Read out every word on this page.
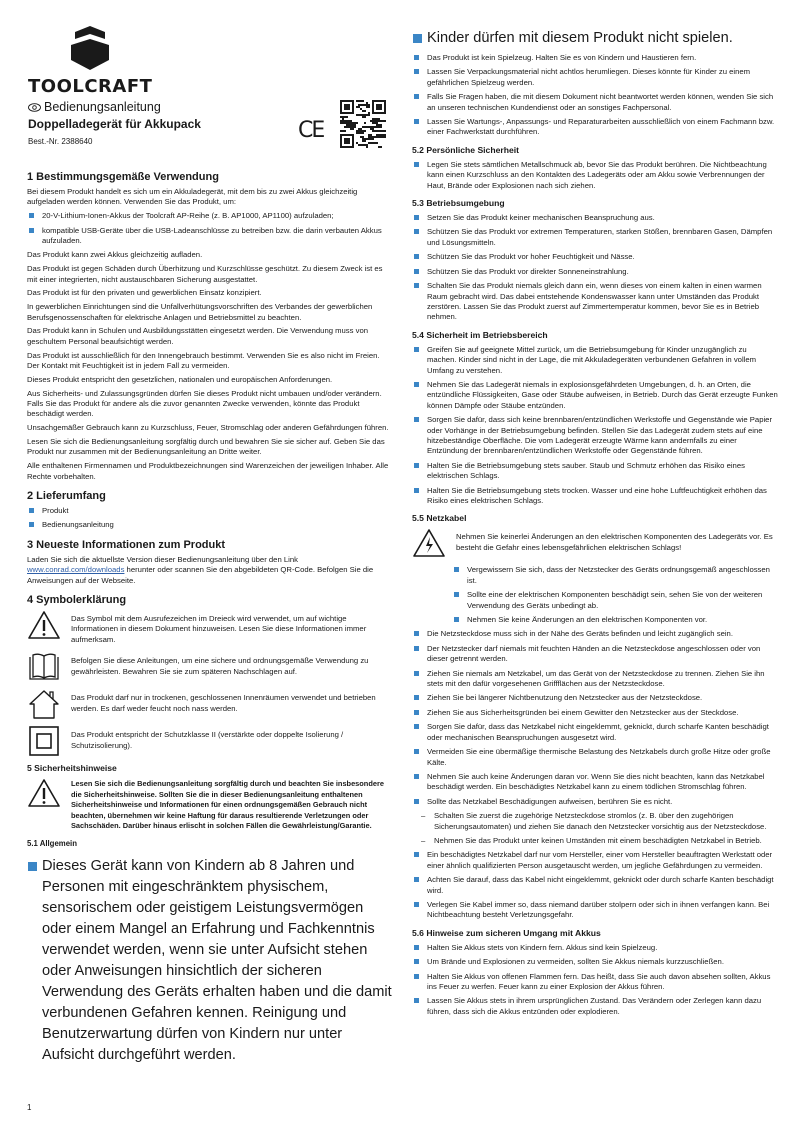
TOOLCRAFT
Bedienungsanleitung
Doppelladegerät für Akkupack
Best.-Nr. 2388640	CE
1 Bestimmungsgemäße Verwendung

Bei diesem Produkt handelt es sich um ein Akkuladegerät, mit dem bis zu zwei Akkus gleichzeitig aufgeladen werden können. Verwenden Sie das Produkt, um:

20-V-Lithium-Ionen-Akkus der Toolcraft AP-Reihe (z. B. AP1000, AP1100) aufzuladen;
kompatible USB-Geräte über die USB-Ladeanschlüsse zu betreiben bzw. die darin verbauten Akkus aufzuladen.

Das Produkt kann zwei Akkus gleichzeitig aufladen.

Das Produkt ist gegen Schäden durch Überhitzung und Kurzschlüsse geschützt. Zu diesem Zweck ist es mit einer integrierten, nicht austauschbaren Sicherung ausgestattet.

Das Produkt ist für den privaten und gewerblichen Einsatz konzipiert.

In gewerblichen Einrichtungen sind die Unfallverhütungsvorschriften des Verbandes der gewerblichen Berufsgenossenschaften für elektrische Anlagen und Betriebsmittel zu beachten.

Das Produkt kann in Schulen und Ausbildungsstätten eingesetzt werden. Die Verwendung muss von geschultem Personal beaufsichtigt werden.

Das Produkt ist ausschließlich für den Innengebrauch bestimmt. Verwenden Sie es also nicht im Freien. Der Kontakt mit Feuchtigkeit ist in jedem Fall zu vermeiden.

Dieses Produkt entspricht den gesetzlichen, nationalen und europäischen Anforderungen.

Aus Sicherheits- und Zulassungsgründen dürfen Sie dieses Produkt nicht umbauen und/oder verändern. Falls Sie das Produkt für andere als die zuvor genannten Zwecke verwenden, könnte das Produkt beschädigt werden.

Unsachgemäßer Gebrauch kann zu Kurzschluss, Feuer, Stromschlag oder anderen Gefährdungen führen.

Lesen Sie sich die Bedienungsanleitung sorgfältig durch und bewahren Sie sie sicher auf. Geben Sie das Produkt nur zusammen mit der Bedienungsanleitung an Dritte weiter.

Alle enthaltenen Firmennamen und Produktbezeichnungen sind Warenzeichen der jeweiligen Inhaber. Alle Rechte vorbehalten.

2 Lieferumfang
Produkt
Bedienungsanleitung
3 Neueste Informationen zum Produkt

Laden Sie sich die aktuellste Version dieser Bedienungsanleitung über den Link www.conrad.com/downloads herunter oder scannen Sie den abgebildeten QR-Code. Befolgen Sie die Anweisungen auf der Webseite.

4 Symbolerklärung
Das Symbol mit dem Ausrufezeichen im Dreieck wird verwendet, um auf wichtige Informationen in diesem Dokument hinzuweisen. Lesen Sie diese Informationen immer aufmerksam.
Befolgen Sie diese Anleitungen, um eine sichere und ordnungsgemäße Verwendung zu gewährleisten. Bewahren Sie sie zum späteren Nachschlagen auf.
Das Produkt darf nur in trockenen, geschlossenen Innenräumen verwendet und betrieben werden. Es darf weder feucht noch nass werden.
Das Produkt entspricht der Schutzklasse II (verstärkte oder doppelte Isolierung / Schutzisolierung).
5 Sicherheitshinweise
Lesen Sie sich die Bedienungsanleitung sorgfältig durch und beachten Sie insbesondere die Sicherheitshinweise. Sollten Sie die in dieser Bedienungsanleitung enthaltenen Sicherheitshinweise und Informationen für einen ordnungsgemäßen Gebrauch nicht beachten, übernehmen wir keine Haftung für daraus resultierende Verletzungen oder Sachschäden. Darüber hinaus erlischt in solchen Fällen die Gewährleistung/Garantie.
5.1 Allgemein
Dieses Gerät kann von Kindern ab 8 Jahren und Personen mit eingeschränktem physischem, sensorischem oder geistigem Leistungsvermögen oder einem Mangel an Erfahrung und Fachkenntnis verwendet werden, wenn sie unter Aufsicht stehen oder Anweisungen hinsichtlich der sicheren Verwendung des Geräts erhalten haben und die damit verbundenen Gefahren kennen. Reinigung und Benutzerwartung dürfen von Kindern nur unter Aufsicht durchgeführt werden.
Kinder dürfen mit diesem Produkt nicht spielen.
Das Produkt ist kein Spielzeug. Halten Sie es von Kindern und Haustieren fern.
Lassen Sie Verpackungsmaterial nicht achtlos herumliegen. Dieses könnte für Kinder zu einem gefährlichen Spielzeug werden.
Falls Sie Fragen haben, die mit diesem Dokument nicht beantwortet werden können, wenden Sie sich an unseren technischen Kundendienst oder an sonstiges Fachpersonal.
Lassen Sie Wartungs-, Anpassungs- und Reparaturarbeiten ausschließlich von einem Fachmann bzw. einer Fachwerkstatt durchführen.
5.2 Persönliche Sicherheit
Legen Sie stets sämtlichen Metallschmuck ab, bevor Sie das Produkt berühren. Die Nichtbeachtung kann einen Kurzschluss an den Kontakten des Ladegeräts oder am Akku sowie Verbrennungen der Haut, Brände oder Explosionen nach sich ziehen.
5.3 Betriebsumgebung
Setzen Sie das Produkt keiner mechanischen Beanspruchung aus.
Schützen Sie das Produkt vor extremen Temperaturen, starken Stößen, brennbaren Gasen, Dämpfen und Lösungsmitteln.
Schützen Sie das Produkt vor hoher Feuchtigkeit und Nässe.
Schützen Sie das Produkt vor direkter Sonneneinstrahlung.
Schalten Sie das Produkt niemals gleich dann ein, wenn dieses von einem kalten in einen warmen Raum gebracht wird. Das dabei entstehende Kondenswasser kann unter Umständen das Produkt zerstören. Lassen Sie das Produkt zuerst auf Zimmertemperatur kommen, bevor Sie es in Betrieb nehmen.
5.4 Sicherheit im Betriebsbereich
Greifen Sie auf geeignete Mittel zurück, um die Betriebsumgebung für Kinder unzugänglich zu machen. Kinder sind nicht in der Lage, die mit Akkuladegeräten verbundenen Gefahren in vollem Umfang zu verstehen.
Nehmen Sie das Ladegerät niemals in explosionsgefährdeten Umgebungen, d. h. an Orten, die entzündliche Flüssigkeiten, Gase oder Stäube aufweisen, in Betrieb. Durch das Gerät erzeugte Funken können Dämpfe oder Stäube entzünden.
Sorgen Sie dafür, dass sich keine brennbaren/entzündlichen Werkstoffe und Gegenstände wie Papier oder Vorhänge in der Betriebsumgebung befinden. Stellen Sie das Ladegerät zudem stets auf eine hitzebeständige Oberfläche. Die vom Ladegerät erzeugte Wärme kann andernfalls zu einer Entzündung der brennbaren/entzündlichen Werkstoffe oder Gegenstände führen.
Halten Sie die Betriebsumgebung stets sauber. Staub und Schmutz erhöhen das Risiko eines elektrischen Schlags.
Halten Sie die Betriebsumgebung stets trocken. Wasser und eine hohe Luftfeuchtigkeit erhöhen das Risiko eines elektrischen Schlags.
5.5 Netzkabel
Nehmen Sie keinerlei Änderungen an den elektrischen Komponenten des Ladegeräts vor. Es besteht die Gefahr eines lebensgefährlichen elektrischen Schlags!
Vergewissern Sie sich, dass der Netzstecker des Geräts ordnungsgemäß angeschlossen ist.
Sollte eine der elektrischen Komponenten beschädigt sein, sehen Sie von der weiteren Verwendung des Geräts unbedingt ab.
Nehmen Sie keine Änderungen an den elektrischen Komponenten vor.
Die Netzsteckdose muss sich in der Nähe des Geräts befinden und leicht zugänglich sein.
Der Netzstecker darf niemals mit feuchten Händen an die Netzsteckdose angeschlossen oder von dieser getrennt werden.
Ziehen Sie niemals am Netzkabel, um das Gerät von der Netzsteckdose zu trennen. Ziehen Sie ihn stets mit den dafür vorgesehenen Griffflächen aus der Netzsteckdose.
Ziehen Sie bei längerer Nichtbenutzung den Netzstecker aus der Netzsteckdose.
Ziehen Sie aus Sicherheitsgründen bei einem Gewitter den Netzstecker aus der Steckdose.
Sorgen Sie dafür, dass das Netzkabel nicht eingeklemmt, geknickt, durch scharfe Kanten beschädigt oder mechanischen Beanspruchungen ausgesetzt wird.
Vermeiden Sie eine übermäßige thermische Belastung des Netzkabels durch große Hitze oder große Kälte.
Nehmen Sie auch keine Änderungen daran vor. Wenn Sie dies nicht beachten, kann das Netzkabel beschädigt werden. Ein beschädigtes Netzkabel kann zu einem tödlichen Stromschlag führen.
Sollte das Netzkabel Beschädigungen aufweisen, berühren Sie es nicht.
– Schalten Sie zuerst die zugehörige Netzsteckdose stromlos (z. B. über den zugehörigen Sicherungsautomaten) und ziehen Sie danach den Netzstecker vorsichtig aus der Netzsteckdose.
– Nehmen Sie das Produkt unter keinen Umständen mit einem beschädigten Netzkabel in Betrieb.
Ein beschädigtes Netzkabel darf nur vom Hersteller, einer vom Hersteller beauftragten Werkstatt oder einer ähnlich qualifizierten Person ausgetauscht werden, um jegliche Gefährdungen zu vermeiden.
Achten Sie darauf, dass das Kabel nicht eingeklemmt, geknickt oder durch scharfe Kanten beschädigt wird.
Verlegen Sie Kabel immer so, dass niemand darüber stolpern oder sich in ihnen verfangen kann. Bei Nichtbeachtung besteht Verletzungsgefahr.
5.6 Hinweise zum sicheren Umgang mit Akkus
Halten Sie Akkus stets von Kindern fern. Akkus sind kein Spielzeug.
Um Brände und Explosionen zu vermeiden, sollten Sie Akkus niemals kurzzuschließen.
Halten Sie Akkus von offenen Flammen fern. Das heißt, dass Sie auch davon absehen sollten, Akkus ins Feuer zu werfen. Feuer kann zu einer Explosion der Akkus führen.
Lassen Sie Akkus stets in ihrem ursprünglichen Zustand. Das Verändern oder Zerlegen kann dazu führen, dass sich die Akkus entzünden oder explodieren.
1
